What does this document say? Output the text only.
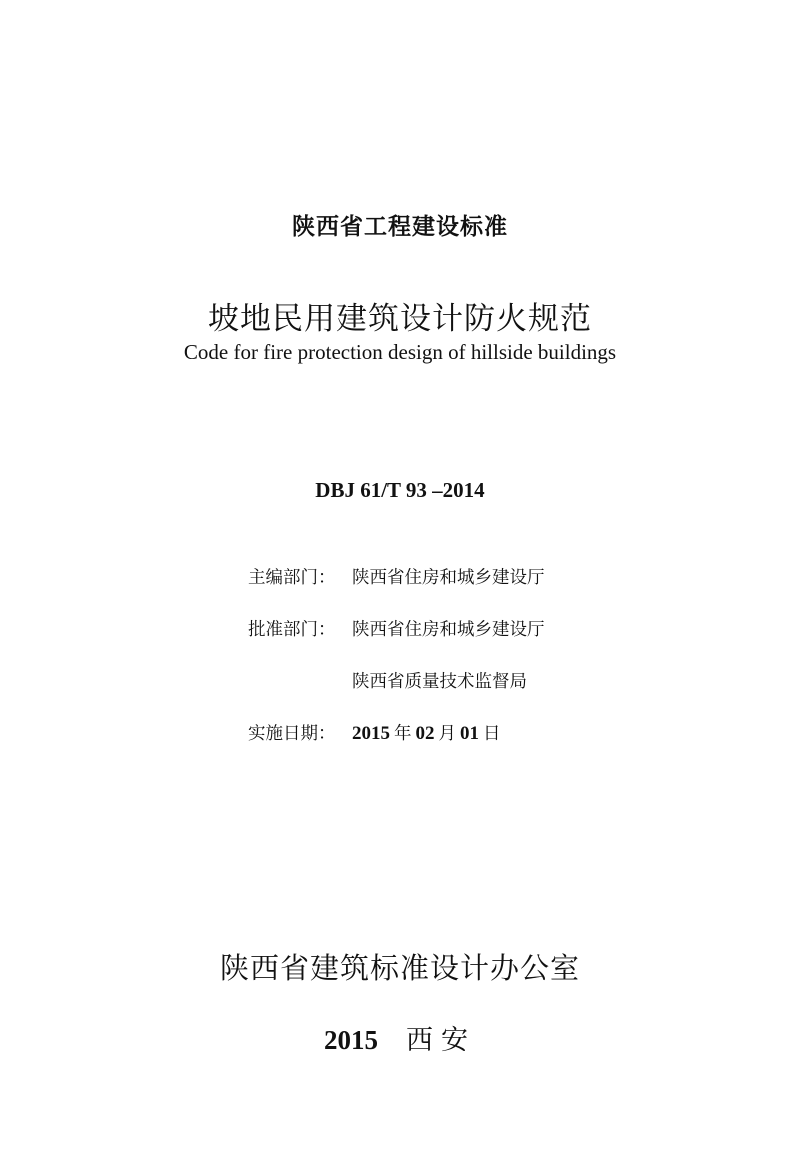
陕西省工程建设标准
坡地民用建筑设计防火规范
Code for fire protection design of hillside buildings
DBJ 61/T 93 –2014
主编部门： 陕西省住房和城乡建设厅
批准部门： 陕西省住房和城乡建设厅
陕西省质量技术监督局
实施日期： 2015 年 02 月 01 日
陕西省建筑标准设计办公室
2015 西安
